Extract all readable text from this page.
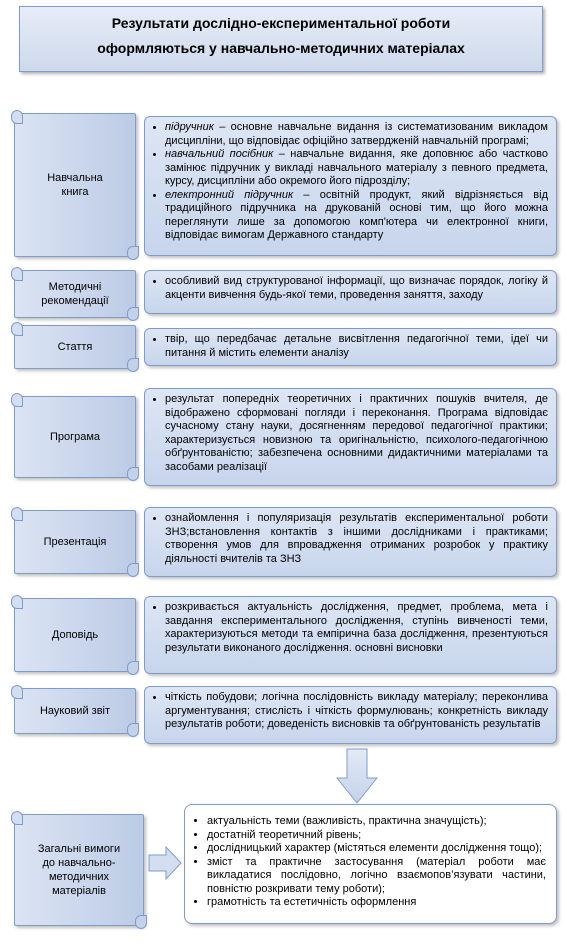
Результати дослідно-експериментальної роботи
оформляються у навчально-методичних матеріалах
Навчальна книга
• підручник – основне навчальне видання із систематизованим викладом дисципліни, що відповідає офіційно затвердженій навчальній програмі;
• навчальний посібник – навчальне видання, яке доповнює або частково замінює підручник у викладі навчального матеріалу з певного предмета, курсу, дисципліни або окремого його підрозділу;
• електронний підручник – освітній продукт, який відрізняється від традиційного підручника на друкованій основі тим, що його можна переглянути лише за допомогою комп'ютера чи електронної книги, відповідає вимогам Державного стандарту
Методичні рекомендації
• особливий вид структурованої інформації, що визначає порядок, логіку й акценти вивчення будь-якої теми, проведення заняття, заходу
Стаття
• твір, що передбачає детальне висвітлення педагогічної теми, ідеї чи питання й містить елементи аналізу
Програма
• результат попередніх теоретичних і практичних пошуків вчителя, де відображено сформовані погляди і переконання. Програма відповідає сучасному стану науки, досягненням передової педагогічної практики; характеризується новизною та оригінальністю, психолого-педагогічною обґрунтованістю; забезпечена основними дидактичними матеріалами та засобами реалізації
Презентація
• ознайомлення і популяризація результатів експериментальної роботи ЗНЗ;встановлення контактів з іншими дослідниками і практиками; створення умов для впровадження отриманих розробок у практику діяльності вчителів та ЗНЗ
Доповідь
• розкривається актуальність дослідження, предмет, проблема, мета і завдання експериментального дослідження, ступінь вивченості теми, характеризуються методи та емпірична база дослідження, презентуються результати виконаного дослідження. основні висновки
Науковий звіт
• чіткість побудови; логічна послідовність викладу матеріалу; переконлива аргументування; стислість і чіткість формулювань; конкретність викладу результатів роботи; доведеність висновків та обґрунтованість результатів
Загальні вимоги до навчально-методичних матеріалів
• актуальність теми (важливість, практична значущість);
• достатній теоретичний рівень;
• дослідницький характер (містяться елементи дослідження тощо);
• зміст та практичне застосування (матеріал роботи має викладатися послідовно, логічно взаємопов’язувати частини, повністю розкривати тему роботи);
• грамотність та естетичність оформлення
